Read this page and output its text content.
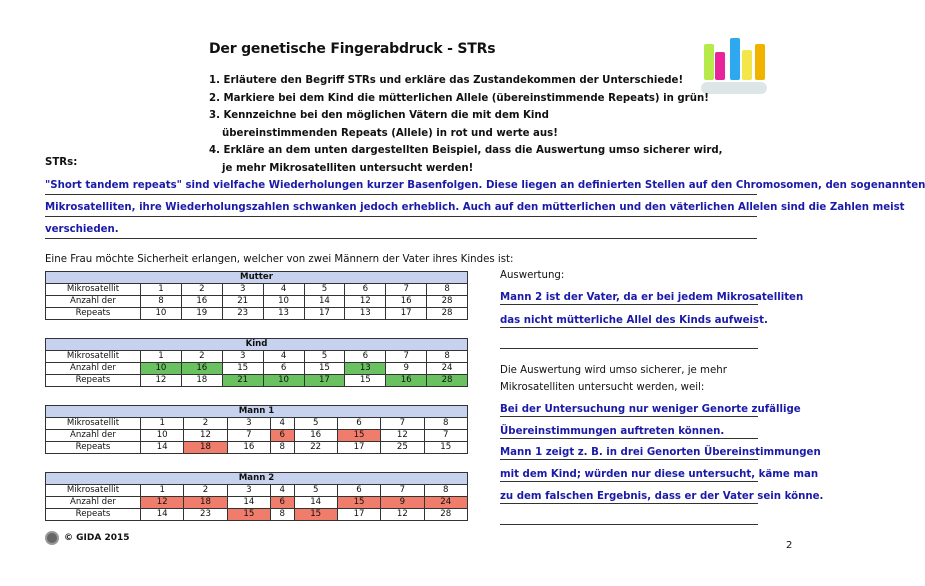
Der genetische Fingerabdruck - STRs
1. Erläutere den Begriff STRs und erkläre das Zustandekommen der Unterschiede!
2. Markiere bei dem Kind die mütterlichen Allele (übereinstimmende Repeats) in grün!
3. Kennzeichne bei den möglichen Vätern die mit dem Kind
übereinstimmenden Repeats (Allele) in rot und werte aus!
4. Erkläre an dem unten dargestellten Beispiel, dass die Auswertung umso sicherer wird,
je mehr Mikrosatelliten untersucht werden!
STRs:
"Short tandem repeats" sind vielfache Wiederholungen kurzer Basenfolgen. Diese liegen an definierten Stellen auf den Chromosomen, den sogenannten
Mikrosatelliten, ihre Wiederholungszahlen schwanken jedoch erheblich. Auch auf den mütterlichen und den väterlichen Allelen sind die Zahlen meist
verschieden.
Eine Frau möchte Sicherheit erlangen, welcher von zwei Männern der Vater ihres Kindes ist:
Mutter								
Mikrosatellit	1	2	3	4	5	6	7	8
Anzahl der	8	16	21	10	14	12	16	28
Repeats	10	19	23	13	17	13	17	28
Kind								
Mikrosatellit	1	2	3	4	5	6	7	8
Anzahl der	10	16	15	6	15	13	9	24
Repeats	12	18	21	10	17	15	16	28
Mann 1								
Mikrosatellit	1	2	3	4	5	6	7	8
Anzahl der	10	12	7	6	16	15	12	7
Repeats	14	18	16	8	22	17	25	15
Mann 2								
Mikrosatellit	1	2	3	4	5	6	7	8
Anzahl der	12	18	14	6	14	15	9	24
Repeats	14	23	15	8	15	17	12	28
Auswertung:
Mann 2 ist der Vater, da er bei jedem Mikrosatelliten
das nicht mütterliche Allel des Kinds aufweist.
Die Auswertung wird umso sicherer, je mehr
Mikrosatelliten untersucht werden, weil:
Bei der Untersuchung nur weniger Genorte zufällige
Übereinstimmungen auftreten können.
Mann 1 zeigt z. B. in drei Genorten Übereinstimmungen
mit dem Kind; würden nur diese untersucht, käme man
zu dem falschen Ergebnis, dass er der Vater sein könne.
© GIDA 2015
2
